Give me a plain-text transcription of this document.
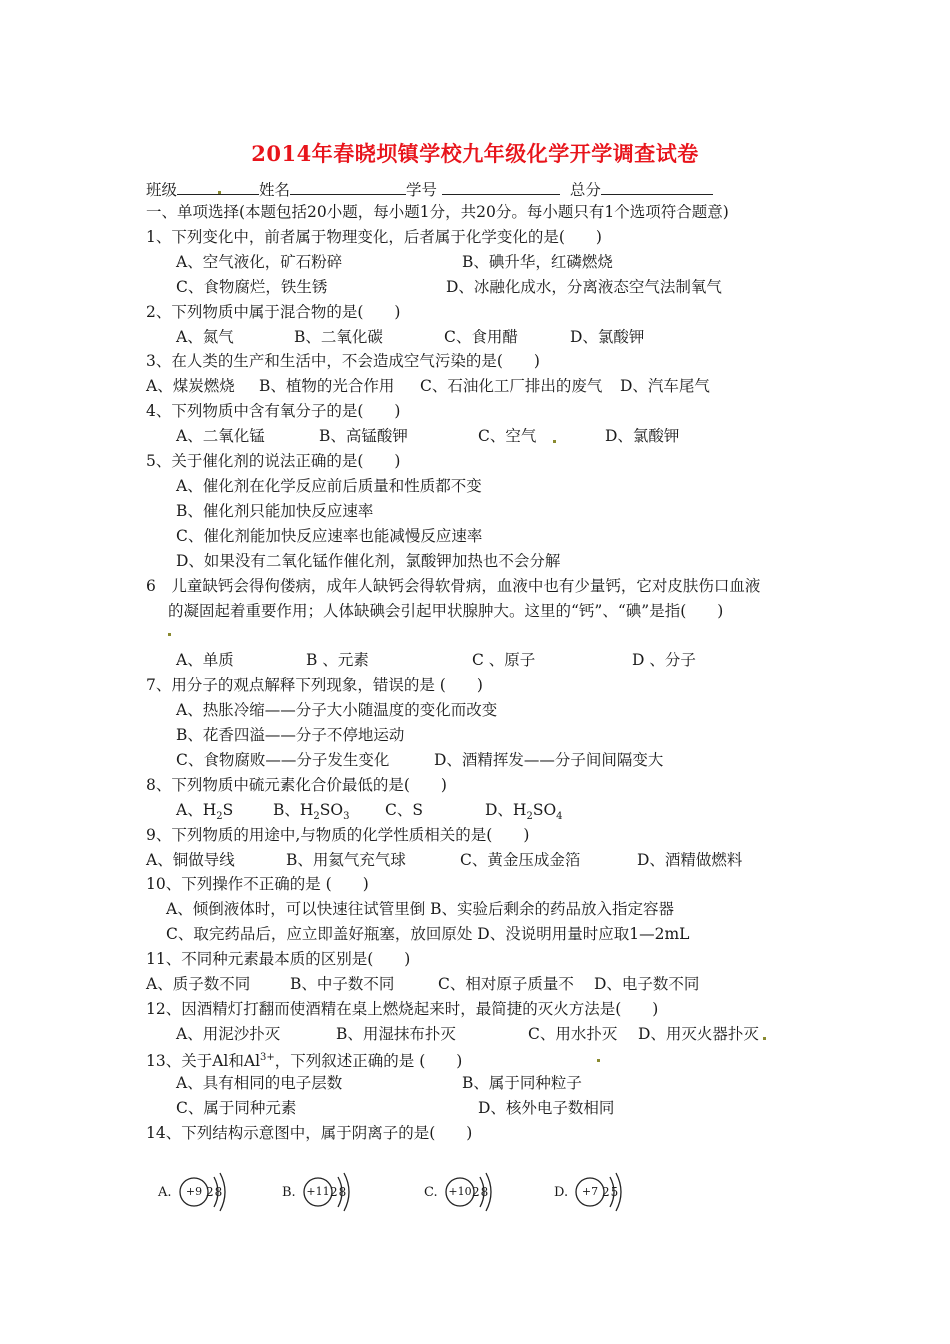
2014年春晓坝镇学校九年级化学开学调查试卷
班级	姓名	学号	总分
一、单项选择(本题包括20小题，每小题1分，共20分。每小题只有1个选项符合题意)
1、下列变化中，前者属于物理变化，后者属于化学变化的是(　　)
A、空气液化，矿石粉碎	B、碘升华，红磷燃烧
C、食物腐烂，铁生锈	D、冰融化成水，分离液态空气法制氧气
2、下列物质中属于混合物的是(　　)
A、氮气	B、二氧化碳	C、食用醋	D、氯酸钾
3、在人类的生产和生活中，不会造成空气污染的是(　　)
A、煤炭燃烧 B、植物的光合作用 C、石油化工厂排出的废气 D、汽车尾气
4、下列物质中含有氧分子的是(　　)
A、二氧化锰	B、高锰酸钾	C、空气	D、氯酸钾
5、关于催化剂的说法正确的是(　　)
A、催化剂在化学反应前后质量和性质都不变
B、催化剂只能加快反应速率
C、催化剂能加快反应速率也能减慢反应速率
D、如果没有二氧化锰作催化剂，氯酸钾加热也不会分解
6　儿童缺钙会得佝偻病，成年人缺钙会得软骨病，血液中也有少量钙，它对皮肤伤口血液
的凝固起着重要作用；人体缺碘会引起甲状腺肿大。这里的“钙”、“碘”是指(　　)
A、单质	B 、元素	C 、原子	D 、分子
7、用分子的观点解释下列现象，错误的是 (　　)
A、热胀冷缩——分子大小随温度的变化而改变
B、花香四溢——分子不停地运动
C、食物腐败——分子发生变化	D、酒精挥发——分子间间隔变大
8、下列物质中硫元素化合价最低的是(　　)
A、$H_2S$	B、$H_2SO_3$ C、S	D、$H_2SO_4$
9、下列物质的用途中,与物质的化学性质相关的是(　　)
A、铜做导线	B、用氦气充气球	C、黄金压成金箔	D、酒精做燃料
10、下列操作不正确的是 (　　)
A、倾倒液体时，可以快速往试管里倒 B、实验后剩余的药品放入指定容器
C、取完药品后，应立即盖好瓶塞，放回原处 D、没说明用量时应取1—2mL
11、不同种元素最本质的区别是(　　)
A、质子数不同	B、中子数不同	C、相对原子质量不 D、电子数不同
12、因酒精灯打翻而使酒精在桌上燃烧起来时，最简捷的灭火方法是(　　)
A、用泥沙扑灭	B、用湿抹布扑灭	C、用水扑灭 D、用灭火器扑灭
13、关于Al和$Al^{3+}$，下列叙述正确的是 (　　)
A、具有相同的电子层数	B、属于同种粒子
C、属于同种元素	D、核外电子数相同
14、下列结构示意图中，属于阴离子的是(　　)
A.	+9 28	B. +11 28	C. +10 28	D.	+7 25
